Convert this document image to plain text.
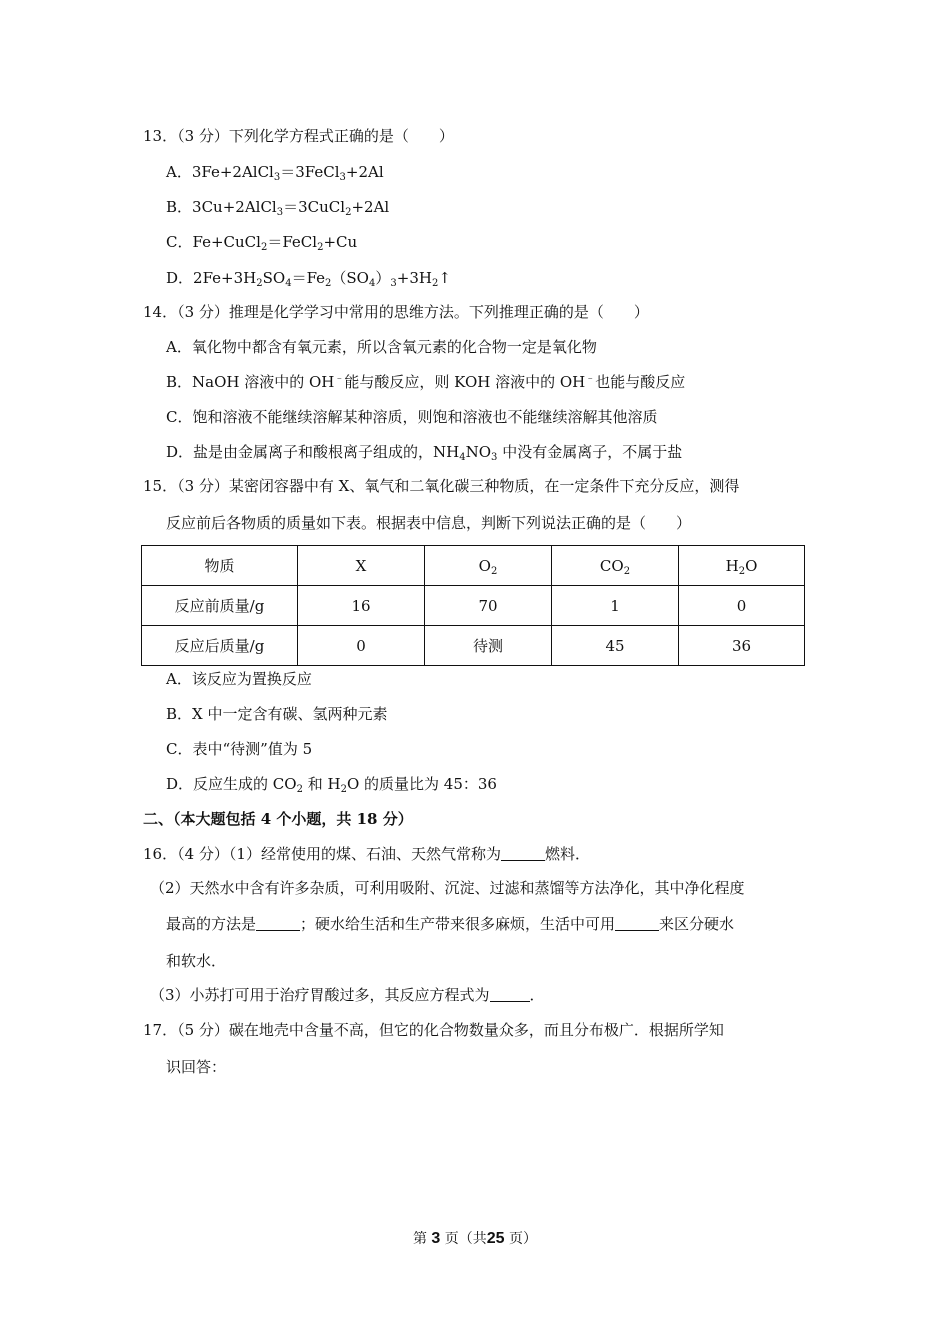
13．（3 分）下列化学方程式正确的是（　　）
A．3Fe+2AlCl$_3$＝3FeCl$_3$+2Al
B．3Cu+2AlCl$_3$＝3CuCl$_2$+2Al
C．Fe+CuCl$_2$＝FeCl$_2$+Cu
D．$2Fe+3H_2SO_4=Fe_2(SO_4)_3+3H_2↑$
14．（3 分）推理是化学学习中常用的思维方法。下列推理正确的是（　　）
A．氧化物中都含有氧元素，所以含氧元素的化合物一定是氧化物
B．NaOH 溶液中的 OH﹣能与酸反应，则 KOH 溶液中的 OH﹣也能与酸反应
C．饱和溶液不能继续溶解某种溶质，则饱和溶液也不能继续溶解其他溶质
D．盐是由金属离子和酸根离子组成的，$NH_4NO_3$ 中没有金属离子，不属于盐
15．（3 分）某密闭容器中有 X、氧气和二氧化碳三种物质，在一定条件下充分反应，测得
反应前后各物质的质量如下表。根据表中信息，判断下列说法正确的是（　　）
物质	X	$O_2$	$CO_2$	$H_2O$
反应前质量/g	16	70	1	0
反应后质量/g	0	待测	45	36
A．该反应为置换反应
B．X 中一定含有碳、氢两种元素
C．表中“待测”值为 5
D．反应生成的 $CO_2$ 和 $H_2O$ 的质量比为 45：36
二、（本大题包括 4 个小题，共 18 分）
16．（4 分）（1）经常使用的煤、石油、天然气常称为	燃料．
（2）天然水中含有许多杂质，可利用吸附、沉淀、过滤和蒸馏等方法净化，其中净化程度
最高的方法是	；硬水给生活和生产带来很多麻烦，生活中可用	来区分硬水
和软水．
（3）小苏打可用于治疗胃酸过多，其反应方程式为	．
17．（5 分）碳在地壳中含量不高，但它的化合物数量众多，而且分布极广．根据所学知
识回答：
第 3 页（共25 页）
